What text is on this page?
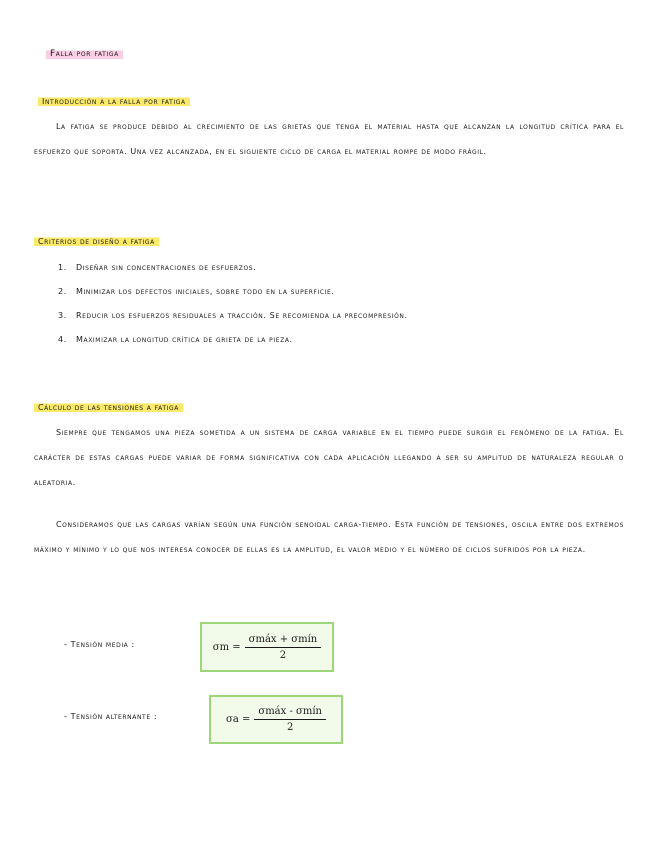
Falla por fatiga
Introducción a la falla por fatiga

La fatiga se produce debido al crecimiento de las grietas que tenga el material hasta que alcanzan la longitud crítica para el esfuerzo que soporta. Una vez alcanzada, en el siguiente ciclo de carga el material rompe de modo frágil.

Criterios de diseño a fatiga
1. Diseñar sin concentraciones de esfuerzos.
2. Minimizar los defectos iniciales, sobre todo en la superficie.
3. Reducir los esfuerzos residuales a tracción. Se recomienda la precompresión.
4. Maximizar la longitud crítica de grieta de la pieza.
Cálculo de las tensiones a fatiga

Siempre que tengamos una pieza sometida a un sistema de carga variable en el tiempo puede surgir el fenómeno de la fatiga. El carácter de estas cargas puede variar de forma significativa con cada aplicación llegando a ser su amplitud de naturaleza regular o aleatoria.

Consideramos que las cargas varían según una función senoidal carga-tiempo. Esta función de tensiones, oscila entre dos extremos máximo y mínimo y lo que nos interesa conocer de ellas es la amplitud, el valor medio y el número de ciclos sufridos por la pieza.

- Tensión media :	$\sigma m = \frac{\text{σmáx + σmín}}{2}$
- Tensión alternante :	$\sigma a = \frac{\text{σmáx - σmín}}{2}$
